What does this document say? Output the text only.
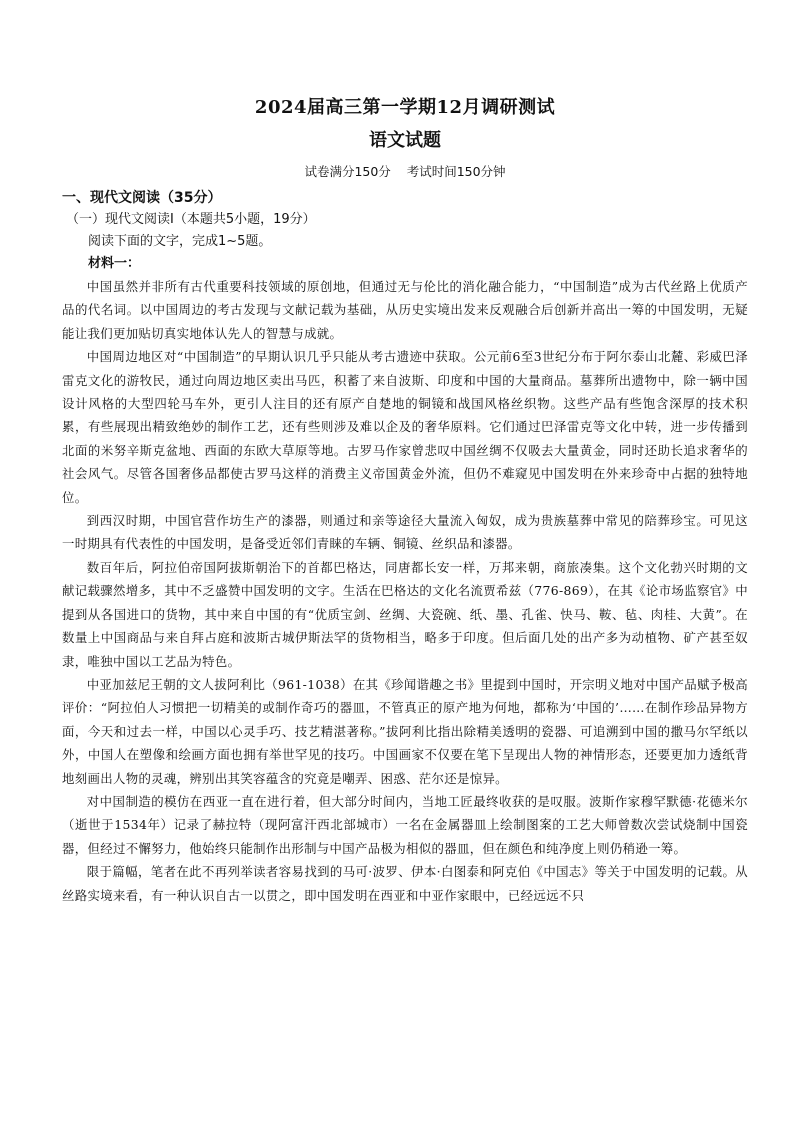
2024届高三第一学期12月调研测试
语文试题
试卷满分150分    考试时间150分钟
一、现代文阅读（35分）
（一）现代文阅读Ⅰ（本题共5小题，19分）
阅读下面的文字，完成1~5题。
材料一：

中国虽然并非所有古代重要科技领域的原创地，但通过无与伦比的消化融合能力，“中国制造”成为古代丝路上优质产品的代名词。以中国周边的考古发现与文献记载为基础，从历史实境出发来反观融合后创新并高出一筹的中国发明，无疑能让我们更加贴切真实地体认先人的智慧与成就。

中国周边地区对“中国制造”的早期认识几乎只能从考古遗迹中获取。公元前6至3世纪分布于阿尔泰山北麓、彩威巴泽雷克文化的游牧民，通过向周边地区卖出马匹，积蓄了来自波斯、印度和中国的大量商品。墓葬所出遗物中，除一辆中国设计风格的大型四轮马车外，更引人注目的还有原产自楚地的铜镜和战国风格丝织物。这些产品有些饱含深厚的技术积累，有些展现出精致绝妙的制作工艺，还有些则涉及难以企及的奢华原料。它们通过巴泽雷克等文化中转，进一步传播到北面的米努辛斯克盆地、西面的东欧大草原等地。古罗马作家曾悲叹中国丝绸不仅吸去大量黄金，同时还助长追求奢华的社会风气。尽管各国奢侈品都使古罗马这样的消费主义帝国黄金外流，但仍不难窥见中国发明在外来珍奇中占据的独特地位。

到西汉时期，中国官营作坊生产的漆器，则通过和亲等途径大量流入匈奴，成为贵族墓葬中常见的陪葬珍宝。可见这一时期具有代表性的中国发明，是备受近邻们青睐的车辆、铜镜、丝织品和漆器。

数百年后，阿拉伯帝国阿拔斯朝治下的首都巴格达，同唐都长安一样，万邦来朝，商旅凑集。这个文化勃兴时期的文献记载骤然增多，其中不乏盛赞中国发明的文字。生活在巴格达的文化名流贾希兹（776-869），在其《论市场监察官》中提到从各国进口的货物，其中来自中国的有“优质宝剑、丝绸、大瓷碗、纸、墨、孔雀、快马、鞍、毡、肉桂、大黄”。在数量上中国商品与来自拜占庭和波斯古城伊斯法罕的货物相当，略多于印度。但后面几处的出产多为动植物、矿产甚至奴隶，唯独中国以工艺品为特色。

中亚加兹尼王朝的文人拔阿利比（961-1038）在其《珍闻谐趣之书》里提到中国时，开宗明义地对中国产品赋予极高评价：“阿拉伯人习惯把一切精美的或制作奇巧的器皿，不管真正的原产地为何地，都称为‘中国的’……在制作珍品异物方面，今天和过去一样，中国以心灵手巧、技艺精湛著称。”拔阿利比指出除精美透明的瓷器、可追溯到中国的撒马尔罕纸以外，中国人在塑像和绘画方面也拥有举世罕见的技巧。中国画家不仅要在笔下呈现出人物的神情形态，还要更加力透纸背地刻画出人物的灵魂，辨别出其笑容蕴含的究竟是嘲弄、困惑、茫尔还是惊异。

对中国制造的模仿在西亚一直在进行着，但大部分时间内，当地工匠最终收获的是叹服。波斯作家穆罕默德·花德米尔（逝世于1534年）记录了赫拉特（现阿富汗西北部城市）一名在金属器皿上绘制图案的工艺大师曾数次尝试烧制中国瓷器，但经过不懈努力，他始终只能制作出形制与中国产品极为相似的器皿，但在颜色和纯净度上则仍稍逊一筹。

限于篇幅，笔者在此不再列举读者容易找到的马可·波罗、伊本·白图泰和阿克伯《中国志》等关于中国发明的记载。从丝路实境来看，有一种认识自古一以贯之，即中国发明在西亚和中亚作家眼中，已经远远不只
